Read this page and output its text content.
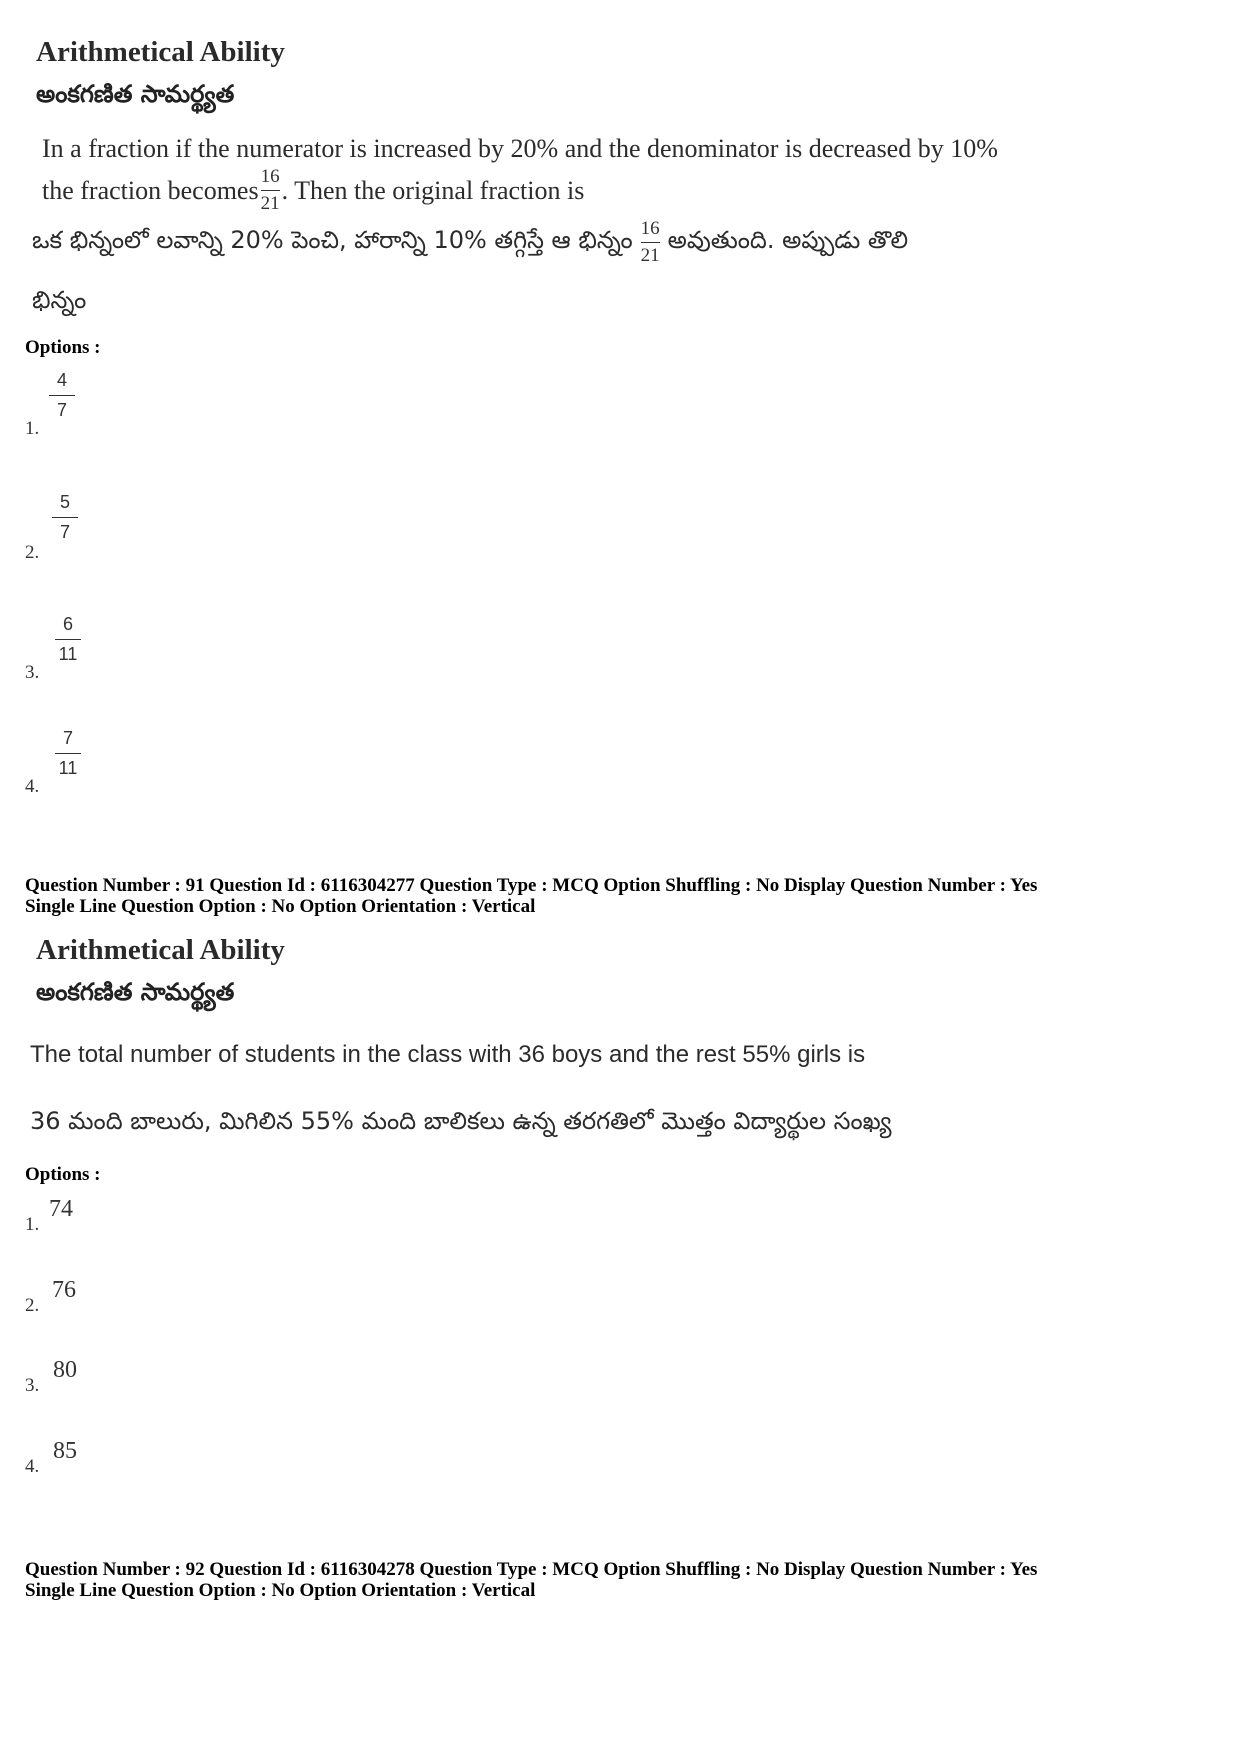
Arithmetical Ability
అంకగణిత సామర్థ్యత
In a fraction if the numerator is increased by 20% and the denominator is decreased by 10%
the fraction becomes $\frac{16}{21}$ . Then the original fraction is
ఒక భిన్నంలో లవాన్ని 20% పెంచి, హారాన్ని 10% తగ్గిస్తే ఆ భిన్నం $\frac{16}{21}$ అవుతుంది. అప్పుడు తొలి
భిన్నం
Options :
1.
4
7
2.
5
7
3.
6
11
4.
7
11
Question Number : 91 Question Id : 6116304277 Question Type : MCQ Option Shuffling : No Display Question Number : Yes
Single Line Question Option : No Option Orientation : Vertical
Arithmetical Ability
అంకగణిత సామర్థ్యత
The total number of students in the class with 36 boys and the rest 55% girls is
36 మంది బాలురు, మిగిలిన 55% మంది బాలికలు ఉన్న తరగతిలో మొత్తం విద్యార్థుల సంఖ్య
Options :
1.
74
2.
76
3.
80
4.
85
Question Number : 92 Question Id : 6116304278 Question Type : MCQ Option Shuffling : No Display Question Number : Yes
Single Line Question Option : No Option Orientation : Vertical
